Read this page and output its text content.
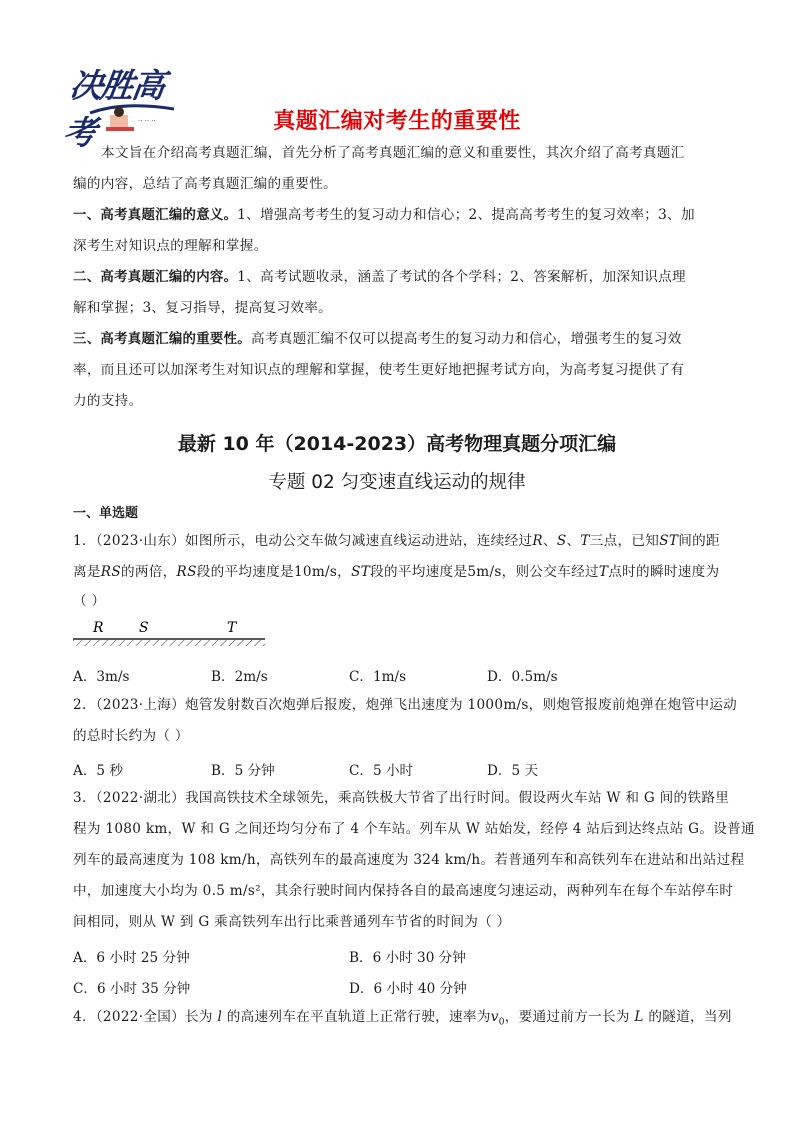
决胜高考	·· ·· ··	真题汇编对考生的重要性
本文旨在介绍高考真题汇编，首先分析了高考真题汇编的意义和重要性，其次介绍了高考真题汇
编的内容，总结了高考真题汇编的重要性。
一、高考真题汇编的意义。1、增强高考考生的复习动力和信心；2、提高高考考生的复习效率；3、加
深考生对知识点的理解和掌握。
二、高考真题汇编的内容。1、高考试题收录，涵盖了考试的各个学科；2、答案解析，加深知识点理
解和掌握；3、复习指导，提高复习效率。
三、高考真题汇编的重要性。高考真题汇编不仅可以提高考生的复习动力和信心，增强考生的复习效
率，而且还可以加深考生对知识点的理解和掌握，使考生更好地把握考试方向，为高考复习提供了有
力的支持。
最新 10 年（2014-2023）高考物理真题分项汇编
专题 02 匀变速直线运动的规律
一、单选题
1．（2023·山东）如图所示，电动公交车做匀减速直线运动进站，连续经过R、S、T三点，已知ST间的距
离是RS的两倍，RS段的平均速度是10m/s，ST段的平均速度是5m/s，则公交车经过T点时的瞬时速度为
（ ）
R	S	T
A．3m/s	B．2m/s	C．1m/s	D．0.5m/s
2．（2023·上海）炮管发射数百次炮弹后报废，炮弹飞出速度为 1000m/s，则炮管报废前炮弹在炮管中运动
的总时长约为（ ）
A．5 秒	B．5 分钟	C．5 小时	D．5 天
3．（2022·湖北）我国高铁技术全球领先，乘高铁极大节省了出行时间。假设两火车站 W 和 G 间的铁路里
程为 1080 km，W 和 G 之间还均匀分布了 4 个车站。列车从 W 站始发，经停 4 站后到达终点站 G。设普通
列车的最高速度为 108 km/h，高铁列车的最高速度为 324 km/h。若普通列车和高铁列车在进站和出站过程
中，加速度大小均为 0.5 m/s²，其余行驶时间内保持各自的最高速度匀速运动，两种列车在每个车站停车时
间相同，则从 W 到 G 乘高铁列车出行比乘普通列车节省的时间为（ ）
A．6 小时 25 分钟	B．6 小时 30 分钟
C．6 小时 35 分钟	D．6 小时 40 分钟
4．（2022·全国）长为 l 的高速列车在平直轨道上正常行驶，速率为$v_0$，要通过前方一长为 L 的隧道，当列
